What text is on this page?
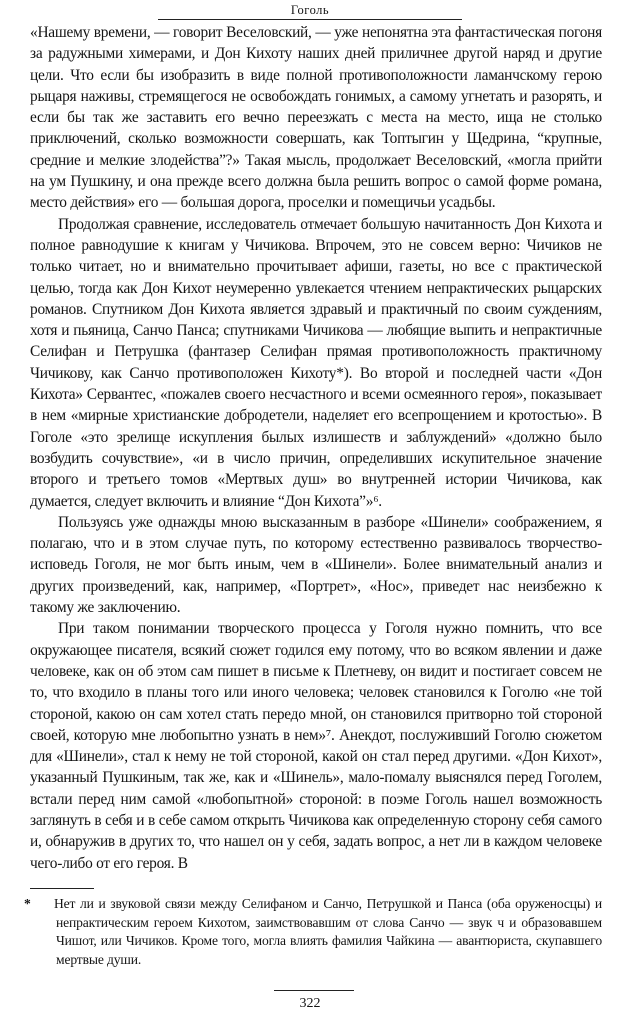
Гоголь

«Нашему времени, — говорит Веселовский, — уже непонятна эта фантастическая погоня за радужными химерами, и Дон Кихоту наших дней приличнее другой наряд и другие цели. Что если бы изобразить в виде полной противоположности ламанчскому герою рыцаря наживы, стремящегося не освобождать гонимых, а самому угнетать и разорять, и если бы так же заставить его вечно переезжать с места на место, ища не столько приключений, сколько возможности совершать, как Топтыгин у Щедрина, “крупные, средние и мелкие злодейства”?» Такая мысль, продолжает Веселовский, «могла прийти на ум Пушкину, и она прежде всего должна была решить вопрос о самой форме романа, место действия» его — большая дорога, проселки и помещичьи усадьбы.

Продолжая сравнение, исследователь отмечает большую начитанность Дон Кихота и полное равнодушие к книгам у Чичикова. Впрочем, это не совсем верно: Чичиков не только читает, но и внимательно прочитывает афиши, газеты, но все с практической целью, тогда как Дон Кихот неумеренно увлекается чтением непрактических рыцарских романов. Спутником Дон Кихота является здравый и практичный по своим суждениям, хотя и пьяница, Санчо Панса; спутниками Чичикова — любящие выпить и непрактичные Селифан и Петрушка (фантазер Селифан прямая противоположность практичному Чичикову, как Санчо противоположен Кихоту*). Во второй и последней части «Дон Кихота» Сервантес, «пожалев своего несчастного и всеми осмеянного героя», показывает в нем «мирные христианские добродетели, наделяет его всепрощением и кротостью». В Гоголе «это зрелище искупления былых излишеств и заблуждений» «должно было возбудить сочувствие», «и в число причин, определивших искупительное значение второго и третьего томов «Мертвых душ» во внутренней истории Чичикова, как думается, следует включить и влияние “Дон Кихота”»⁶.

Пользуясь уже однажды мною высказанным в разборе «Шинели» соображением, я полагаю, что и в этом случае путь, по которому естественно развивалось творчество-исповедь Гоголя, не мог быть иным, чем в «Шинели». Более внимательный анализ и других произведений, как, например, «Портрет», «Нос», приведет нас неизбежно к такому же заключению.

При таком понимании творческого процесса у Гоголя нужно помнить, что все окружающее писателя, всякий сюжет годился ему потому, что во всяком явлении и даже человеке, как он об этом сам пишет в письме к Плетневу, он видит и постигает совсем не то, что входило в планы того или иного человека; человек становился к Гоголю «не той стороной, какою он сам хотел стать передо мной, он становился притворно той стороной своей, которую мне любопытно узнать в нем»⁷. Анекдот, послуживший Гоголю сюжетом для «Шинели», стал к нему не той стороной, какой он стал перед другими. «Дон Кихот», указанный Пушкиным, так же, как и «Шинель», мало-помалу выяснялся перед Гоголем, встали перед ним самой «любопытной» стороной: в поэме Гоголь нашел возможность заглянуть в себя и в себе самом открыть Чичикова как определенную сторону себя самого и, обнаружив в других то, что нашел он у себя, задать вопрос, а нет ли в каждом человеке чего-либо от его героя. В

* Нет ли и звуковой связи между Селифаном и Санчо, Петрушкой и Панса (оба оруженосцы) и непрактическим героем Кихотом, заимствовавшим от слова Санчо — звук ч и образовавшем Чишот, или Чичиков. Кроме того, могла влиять фамилия Чайкина — авантюриста, скупавшего мертвые души.
322
